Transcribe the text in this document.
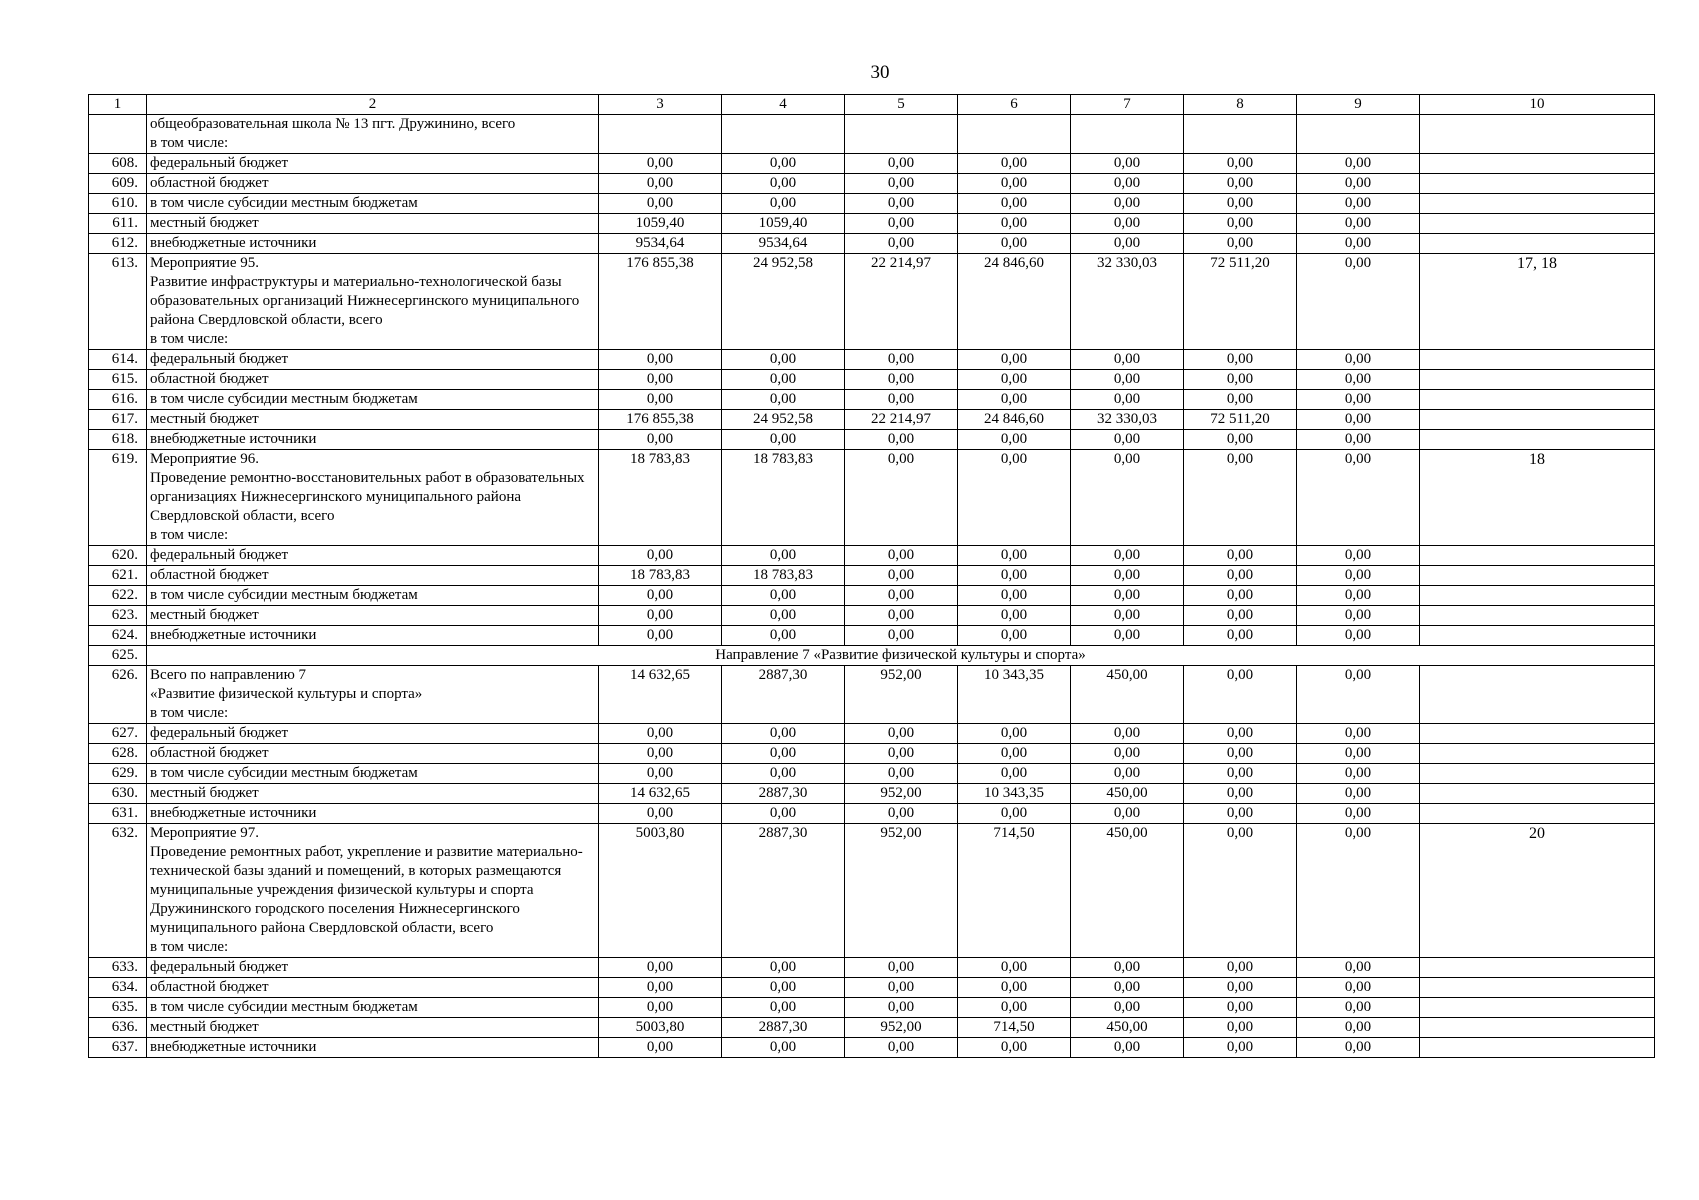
30
1	2	3	4	5	6	7	8	9	10

	общеобразовательная школа № 13 пгт. Дружинино, всего
в том числе:								

608.	федеральный бюджет	0,00	0,00	0,00	0,00	0,00	0,00	0,00	
609.	областной бюджет	0,00	0,00	0,00	0,00	0,00	0,00	0,00	
610.	в том числе субсидии местным бюджетам	0,00	0,00	0,00	0,00	0,00	0,00	0,00	
611.	местный бюджет	1059,40	1059,40	0,00	0,00	0,00	0,00	0,00	
612.	внебюджетные источники	9534,64	9534,64	0,00	0,00	0,00	0,00	0,00	
613.	Мероприятие 95.
Развитие инфраструктуры и материально-технологической базы образовательных организаций Нижнесергинского муниципального района Свердловской области, всего
в том числе:	176 855,38	24 952,58	22 214,97	24 846,60	32 330,03	72 511,20	0,00	17, 18
614.	федеральный бюджет	0,00	0,00	0,00	0,00	0,00	0,00	0,00	
615.	областной бюджет	0,00	0,00	0,00	0,00	0,00	0,00	0,00	
616.	в том числе субсидии местным бюджетам	0,00	0,00	0,00	0,00	0,00	0,00	0,00	
617.	местный бюджет	176 855,38	24 952,58	22 214,97	24 846,60	32 330,03	72 511,20	0,00	
618.	внебюджетные источники	0,00	0,00	0,00	0,00	0,00	0,00	0,00	
619.	Мероприятие 96.
Проведение ремонтно-восстановительных работ в образовательных организациях Нижнесергинского муниципального района Свердловской области, всего
в том числе:	18 783,83	18 783,83	0,00	0,00	0,00	0,00	0,00	18
620.	федеральный бюджет	0,00	0,00	0,00	0,00	0,00	0,00	0,00	
621.	областной бюджет	18 783,83	18 783,83	0,00	0,00	0,00	0,00	0,00	
622.	в том числе субсидии местным бюджетам	0,00	0,00	0,00	0,00	0,00	0,00	0,00	
623.	местный бюджет	0,00	0,00	0,00	0,00	0,00	0,00	0,00	
624.	внебюджетные источники	0,00	0,00	0,00	0,00	0,00	0,00	0,00	
625.	Направление 7 «Развитие физической культуры и спорта»								
626.	Всего по направлению 7
«Развитие физической культуры и спорта»
в том числе:	14 632,65	2887,30	952,00	10 343,35	450,00	0,00	0,00	
627.	федеральный бюджет	0,00	0,00	0,00	0,00	0,00	0,00	0,00	
628.	областной бюджет	0,00	0,00	0,00	0,00	0,00	0,00	0,00	
629.	в том числе субсидии местным бюджетам	0,00	0,00	0,00	0,00	0,00	0,00	0,00	
630.	местный бюджет	14 632,65	2887,30	952,00	10 343,35	450,00	0,00	0,00	
631.	внебюджетные источники	0,00	0,00	0,00	0,00	0,00	0,00	0,00	
632.	Мероприятие 97.
Проведение ремонтных работ, укрепление и развитие материально-технической базы зданий и помещений, в которых размещаются муниципальные учреждения физической культуры и спорта Дружининского городского поселения Нижнесергинского муниципального района Свердловской области, всего
в том числе:	5003,80	2887,30	952,00	714,50	450,00	0,00	0,00	20
633.	федеральный бюджет	0,00	0,00	0,00	0,00	0,00	0,00	0,00	
634.	областной бюджет	0,00	0,00	0,00	0,00	0,00	0,00	0,00	
635.	в том числе субсидии местным бюджетам	0,00	0,00	0,00	0,00	0,00	0,00	0,00	
636.	местный бюджет	5003,80	2887,30	952,00	714,50	450,00	0,00	0,00	
637.	внебюджетные источники	0,00	0,00	0,00	0,00	0,00	0,00	0,00	
